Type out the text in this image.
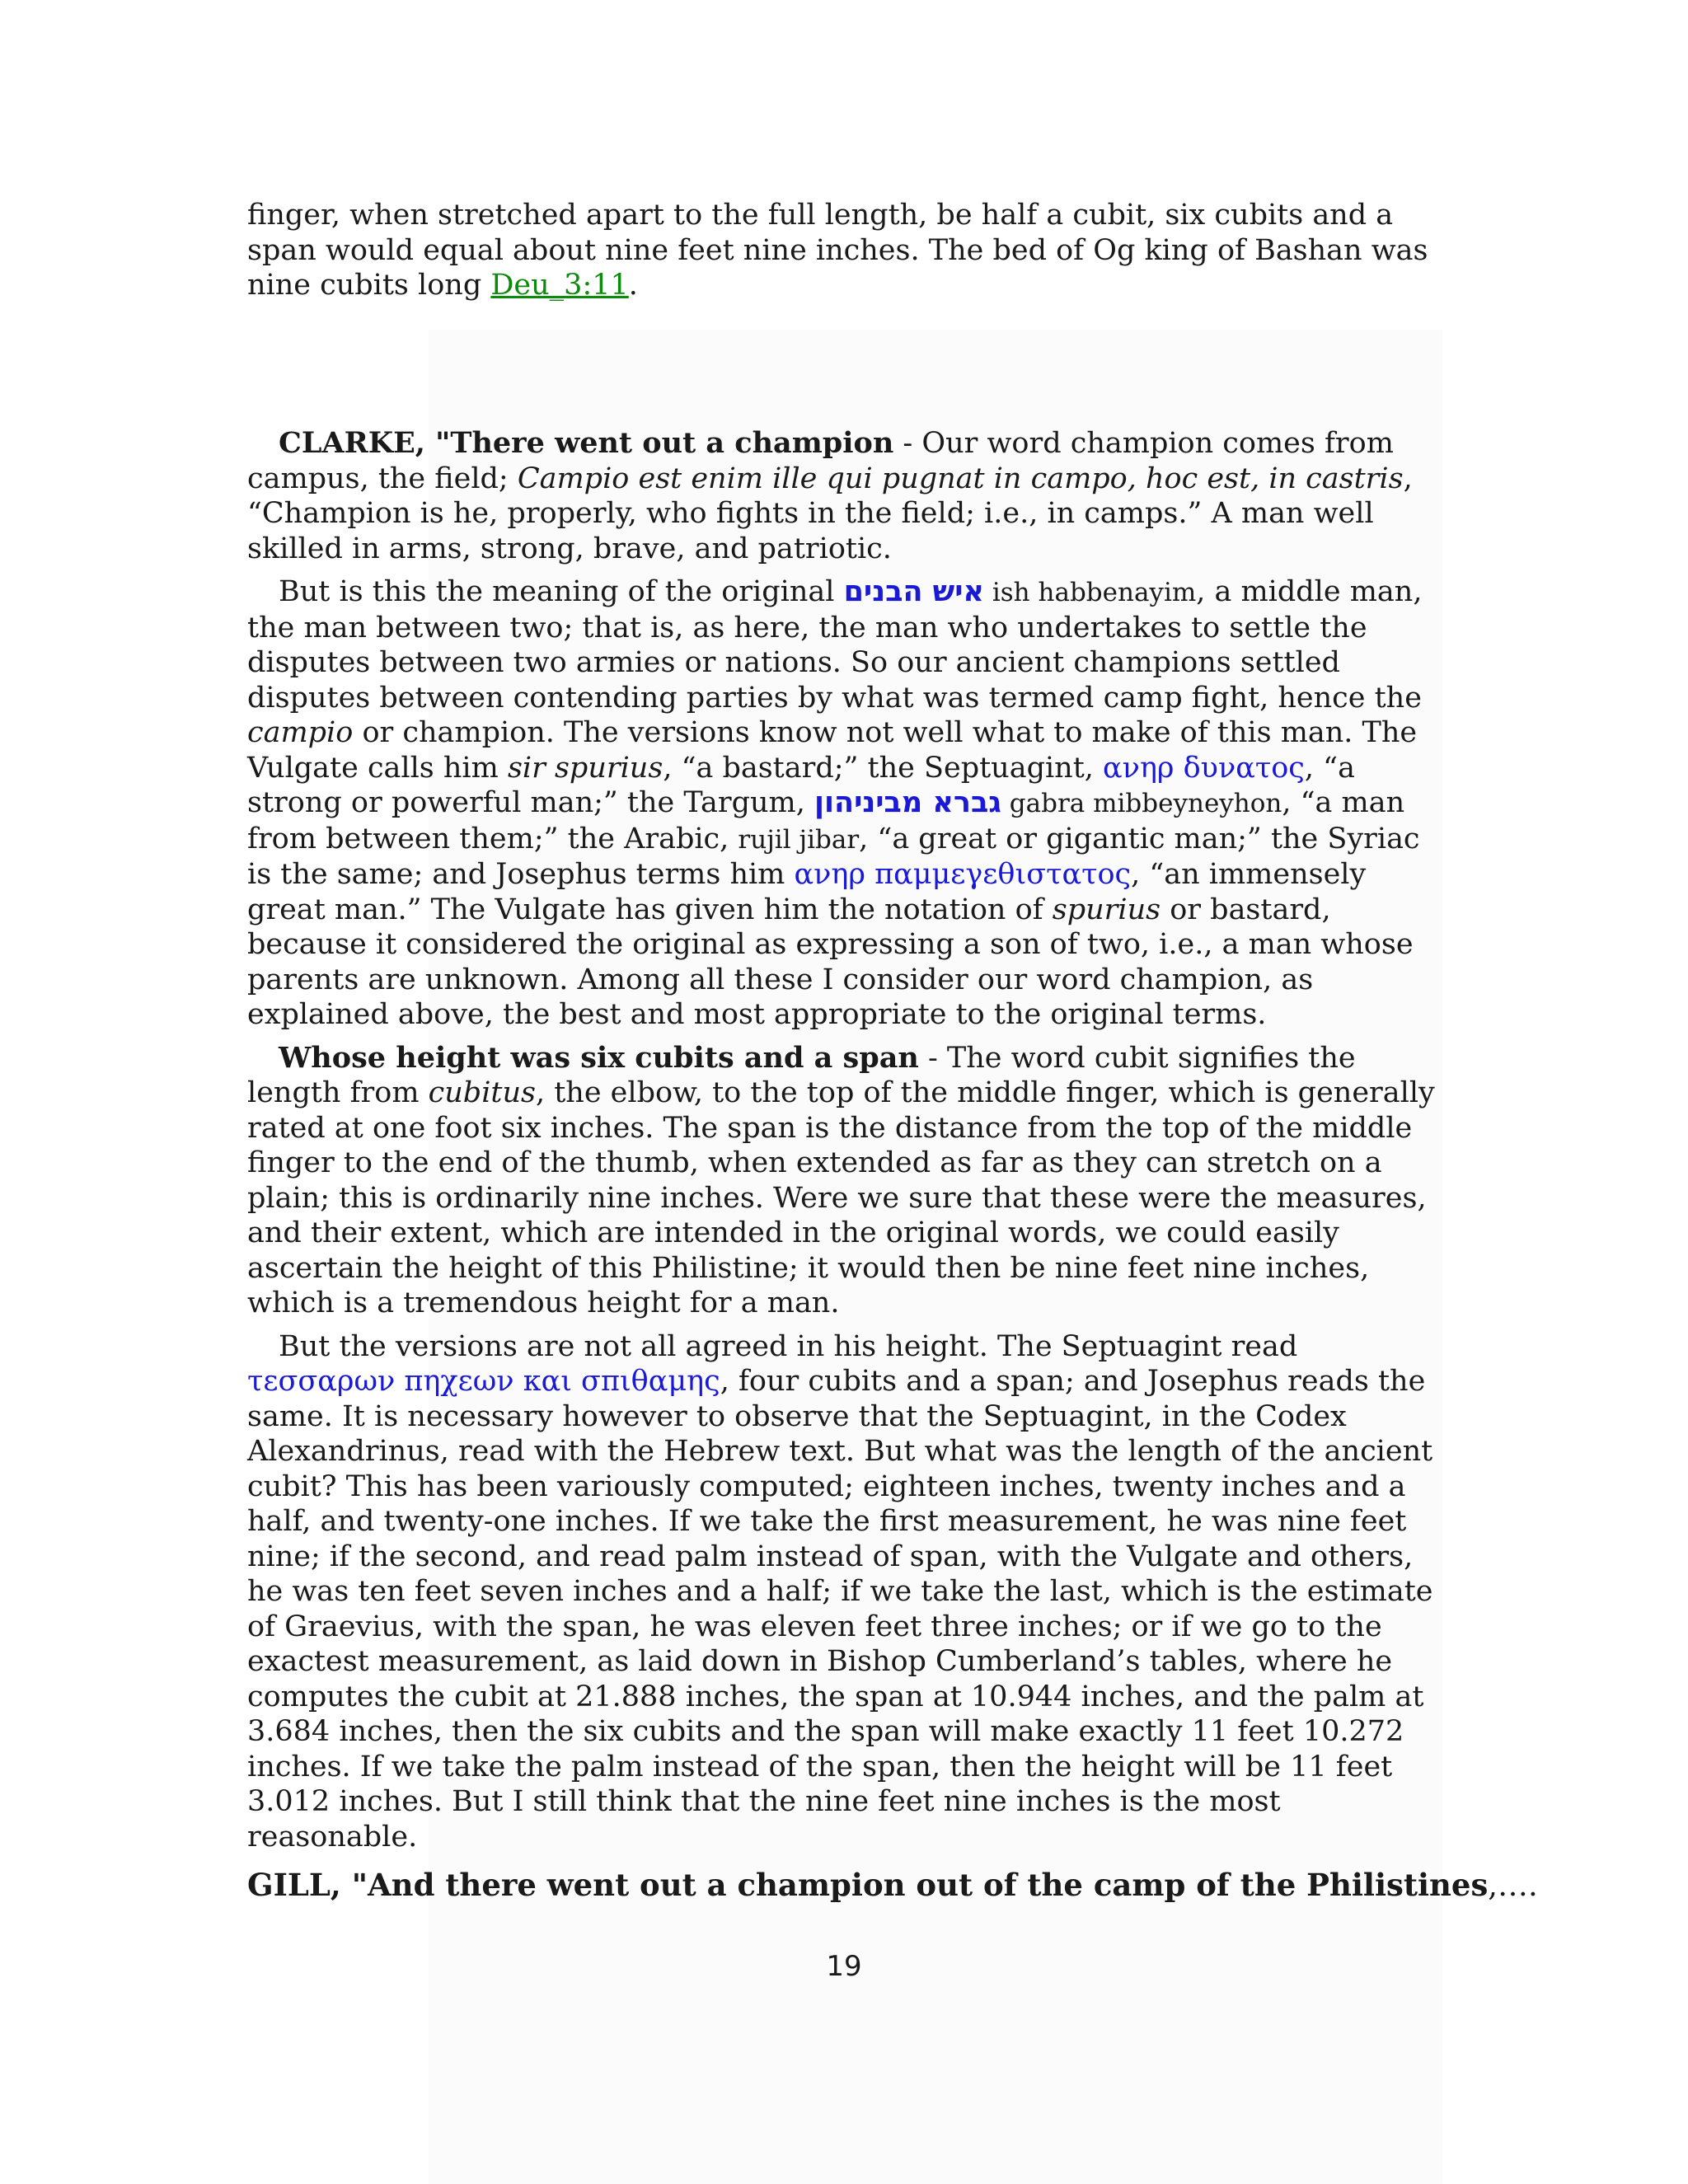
finger, when stretched apart to the full length, be half a cubit, six cubits and a span would equal about nine feet nine inches. The bed of Og king of Bashan was nine cubits long Deu_3:11.

CLARKE, "There went out a champion - Our word champion comes from campus, the field; Campio est enim ille qui pugnat in campo, hoc est, in castris, “Champion is he, properly, who fights in the field; i.e., in camps.” A man well skilled in arms, strong, brave, and patriotic.

But is this the meaning of the original איש הבנים ish habbenayim, a middle man, the man between two; that is, as here, the man who undertakes to settle the disputes between two armies or nations. So our ancient champions settled disputes between contending parties by what was termed camp fight, hence the campio or champion. The versions know not well what to make of this man. The Vulgate calls him sir spurius, “a bastard;” the Septuagint, ανηρ δυνατος, “a strong or powerful man;” the Targum, גברא מביניהון gabra mibbeyneyhon, “a man from between them;” the Arabic, rujil jibar, “a great or gigantic man;” the Syriac is the same; and Josephus terms him ανηρ παμμεγεθιστατος, “an immensely great man.” The Vulgate has given him the notation of spurius or bastard, because it considered the original as expressing a son of two, i.e., a man whose parents are unknown. Among all these I consider our word champion, as explained above, the best and most appropriate to the original terms.

Whose height was six cubits and a span - The word cubit signifies the length from cubitus, the elbow, to the top of the middle finger, which is generally rated at one foot six inches. The span is the distance from the top of the middle finger to the end of the thumb, when extended as far as they can stretch on a plain; this is ordinarily nine inches. Were we sure that these were the measures, and their extent, which are intended in the original words, we could easily ascertain the height of this Philistine; it would then be nine feet nine inches, which is a tremendous height for a man.

But the versions are not all agreed in his height. The Septuagint read τεσσαρων πηχεων και σπιθαμης, four cubits and a span; and Josephus reads the same. It is necessary however to observe that the Septuagint, in the Codex Alexandrinus, read with the Hebrew text. But what was the length of the ancient cubit? This has been variously computed; eighteen inches, twenty inches and a half, and twenty-one inches. If we take the first measurement, he was nine feet nine; if the second, and read palm instead of span, with the Vulgate and others, he was ten feet seven inches and a half; if we take the last, which is the estimate of Graevius, with the span, he was eleven feet three inches; or if we go to the exactest measurement, as laid down in Bishop Cumberland’s tables, where he computes the cubit at 21.888 inches, the span at 10.944 inches, and the palm at 3.684 inches, then the six cubits and the span will make exactly 11 feet 10.272 inches. If we take the palm instead of the span, then the height will be 11 feet 3.012 inches. But I still think that the nine feet nine inches is the most reasonable.

GILL, "And there went out a champion out of the camp of the Philistines,….
19
